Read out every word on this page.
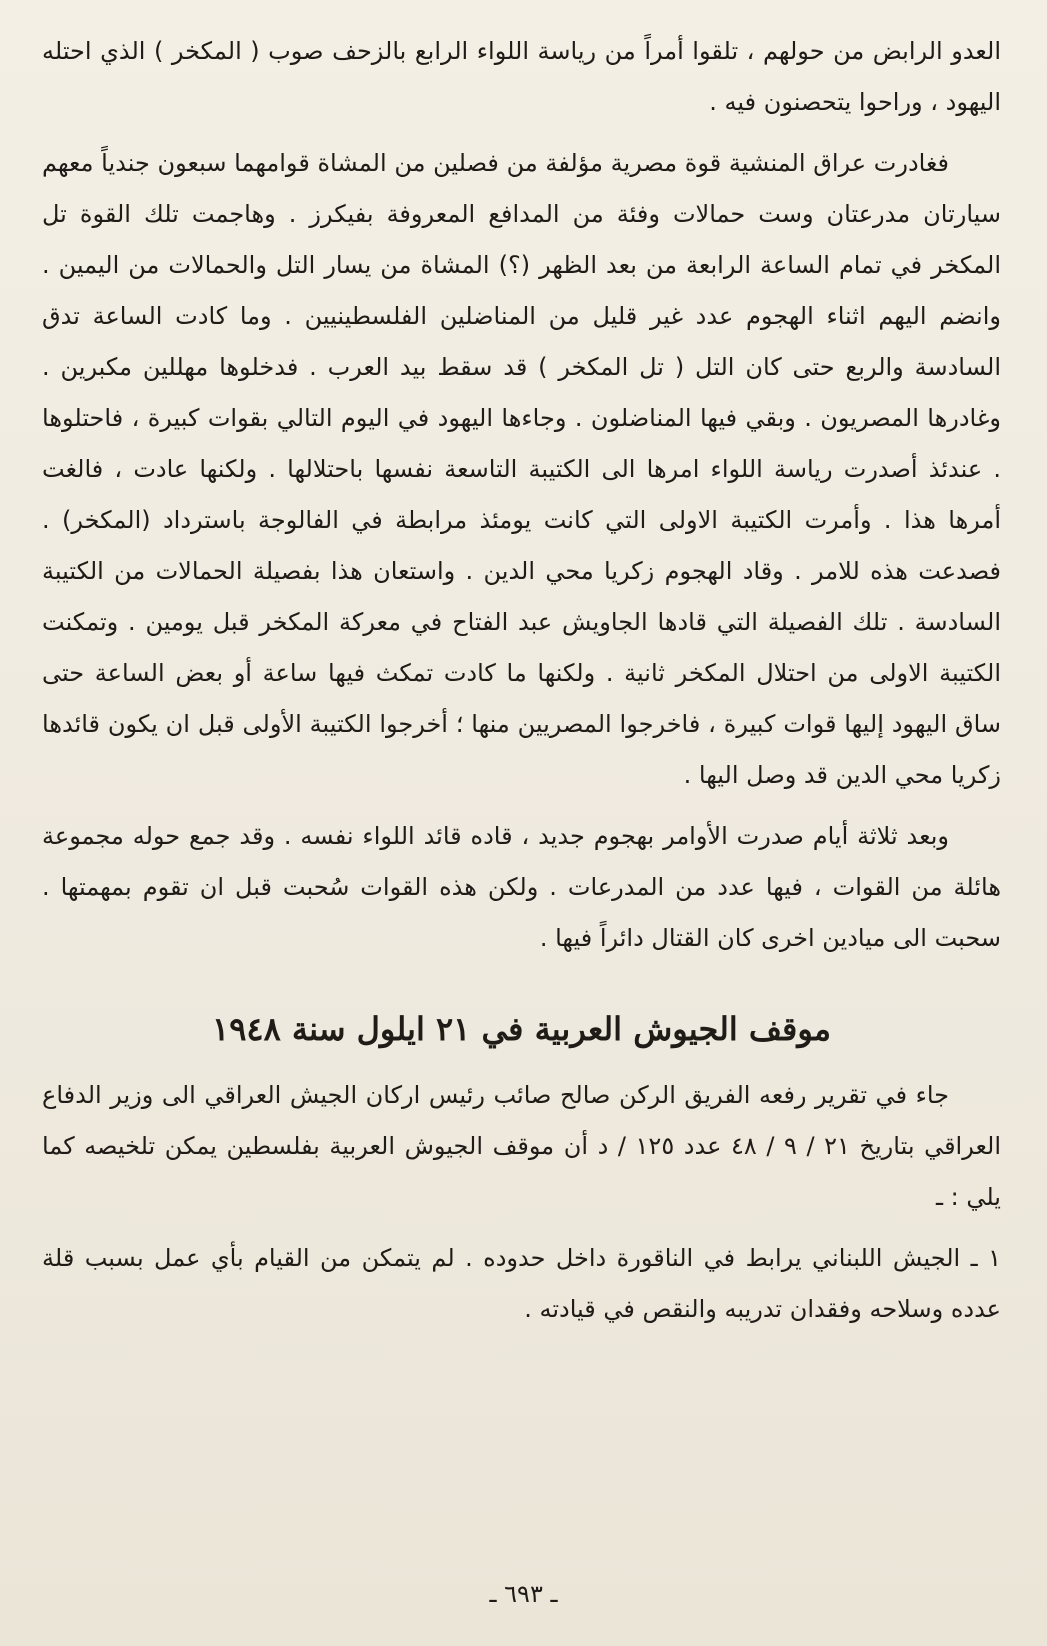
العدو الرابض من حولهم ، تلقوا أمراً من رياسة اللواء الرابع بالزحف صوب ( المكخر ) الذي احتله اليهود ، وراحوا يتحصنون فيه .

فغادرت عراق المنشية قوة مصرية مؤلفة من فصلين من المشاة قوامهما سبعون جندياً معهم سيارتان مدرعتان وست حمالات وفئة من المدافع المعروفة بفيكرز . وهاجمت تلك القوة تل المكخر في تمام الساعة الرابعة من بعد الظهر (؟) المشاة من يسار التل والحمالات من اليمين . وانضم اليهم اثناء الهجوم عدد غير قليل من المناضلين الفلسطينيين . وما كادت الساعة تدق السادسة والربع حتى كان التل ( تل المكخر ) قد سقط بيد العرب . فدخلوها مهللين مكبرين . وغادرها المصريون . وبقي فيها المناضلون . وجاءها اليهود في اليوم التالي بقوات كبيرة ، فاحتلوها . عندئذ أصدرت رياسة اللواء امرها الى الكتيبة التاسعة نفسها باحتلالها . ولكنها عادت ، فالغت أمرها هذا . وأمرت الكتيبة الاولى التي كانت يومئذ مرابطة في الفالوجة باسترداد (المكخر) . فصدعت هذه للامر . وقاد الهجوم زكريا محي الدين . واستعان هذا بفصيلة الحمالات من الكتيبة السادسة . تلك الفصيلة التي قادها الجاويش عبد الفتاح في معركة المكخر قبل يومين . وتمكنت الكتيبة الاولى من احتلال المكخر ثانية . ولكنها ما كادت تمكث فيها ساعة أو بعض الساعة حتى ساق اليهود إليها قوات كبيرة ، فاخرجوا المصريين منها ؛ أخرجوا الكتيبة الأولى قبل ان يكون قائدها زكريا محي الدين قد وصل اليها .

وبعد ثلاثة أيام صدرت الأوامر بهجوم جديد ، قاده قائد اللواء نفسه . وقد جمع حوله مجموعة هائلة من القوات ، فيها عدد من المدرعات . ولكن هذه القوات سُحبت قبل ان تقوم بمهمتها . سحبت الى ميادين اخرى كان القتال دائراً فيها .

موقف الجيوش العربية في ٢١ ايلول سنة ١٩٤٨

جاء في تقرير رفعه الفريق الركن صالح صائب رئيس اركان الجيش العراقي الى وزير الدفاع العراقي بتاريخ ٢١ / ٩ / ٤٨ عدد ١٢٥ / د أن موقف الجيوش العربية بفلسطين يمكن تلخيصه كما يلي : ـ

١ ـ الجيش اللبناني يرابط في الناقورة داخل حدوده . لم يتمكن من القيام بأي عمل بسبب قلة عدده وسلاحه وفقدان تدريبه والنقص في قيادته .

ـ ٦٩٣ ـ
